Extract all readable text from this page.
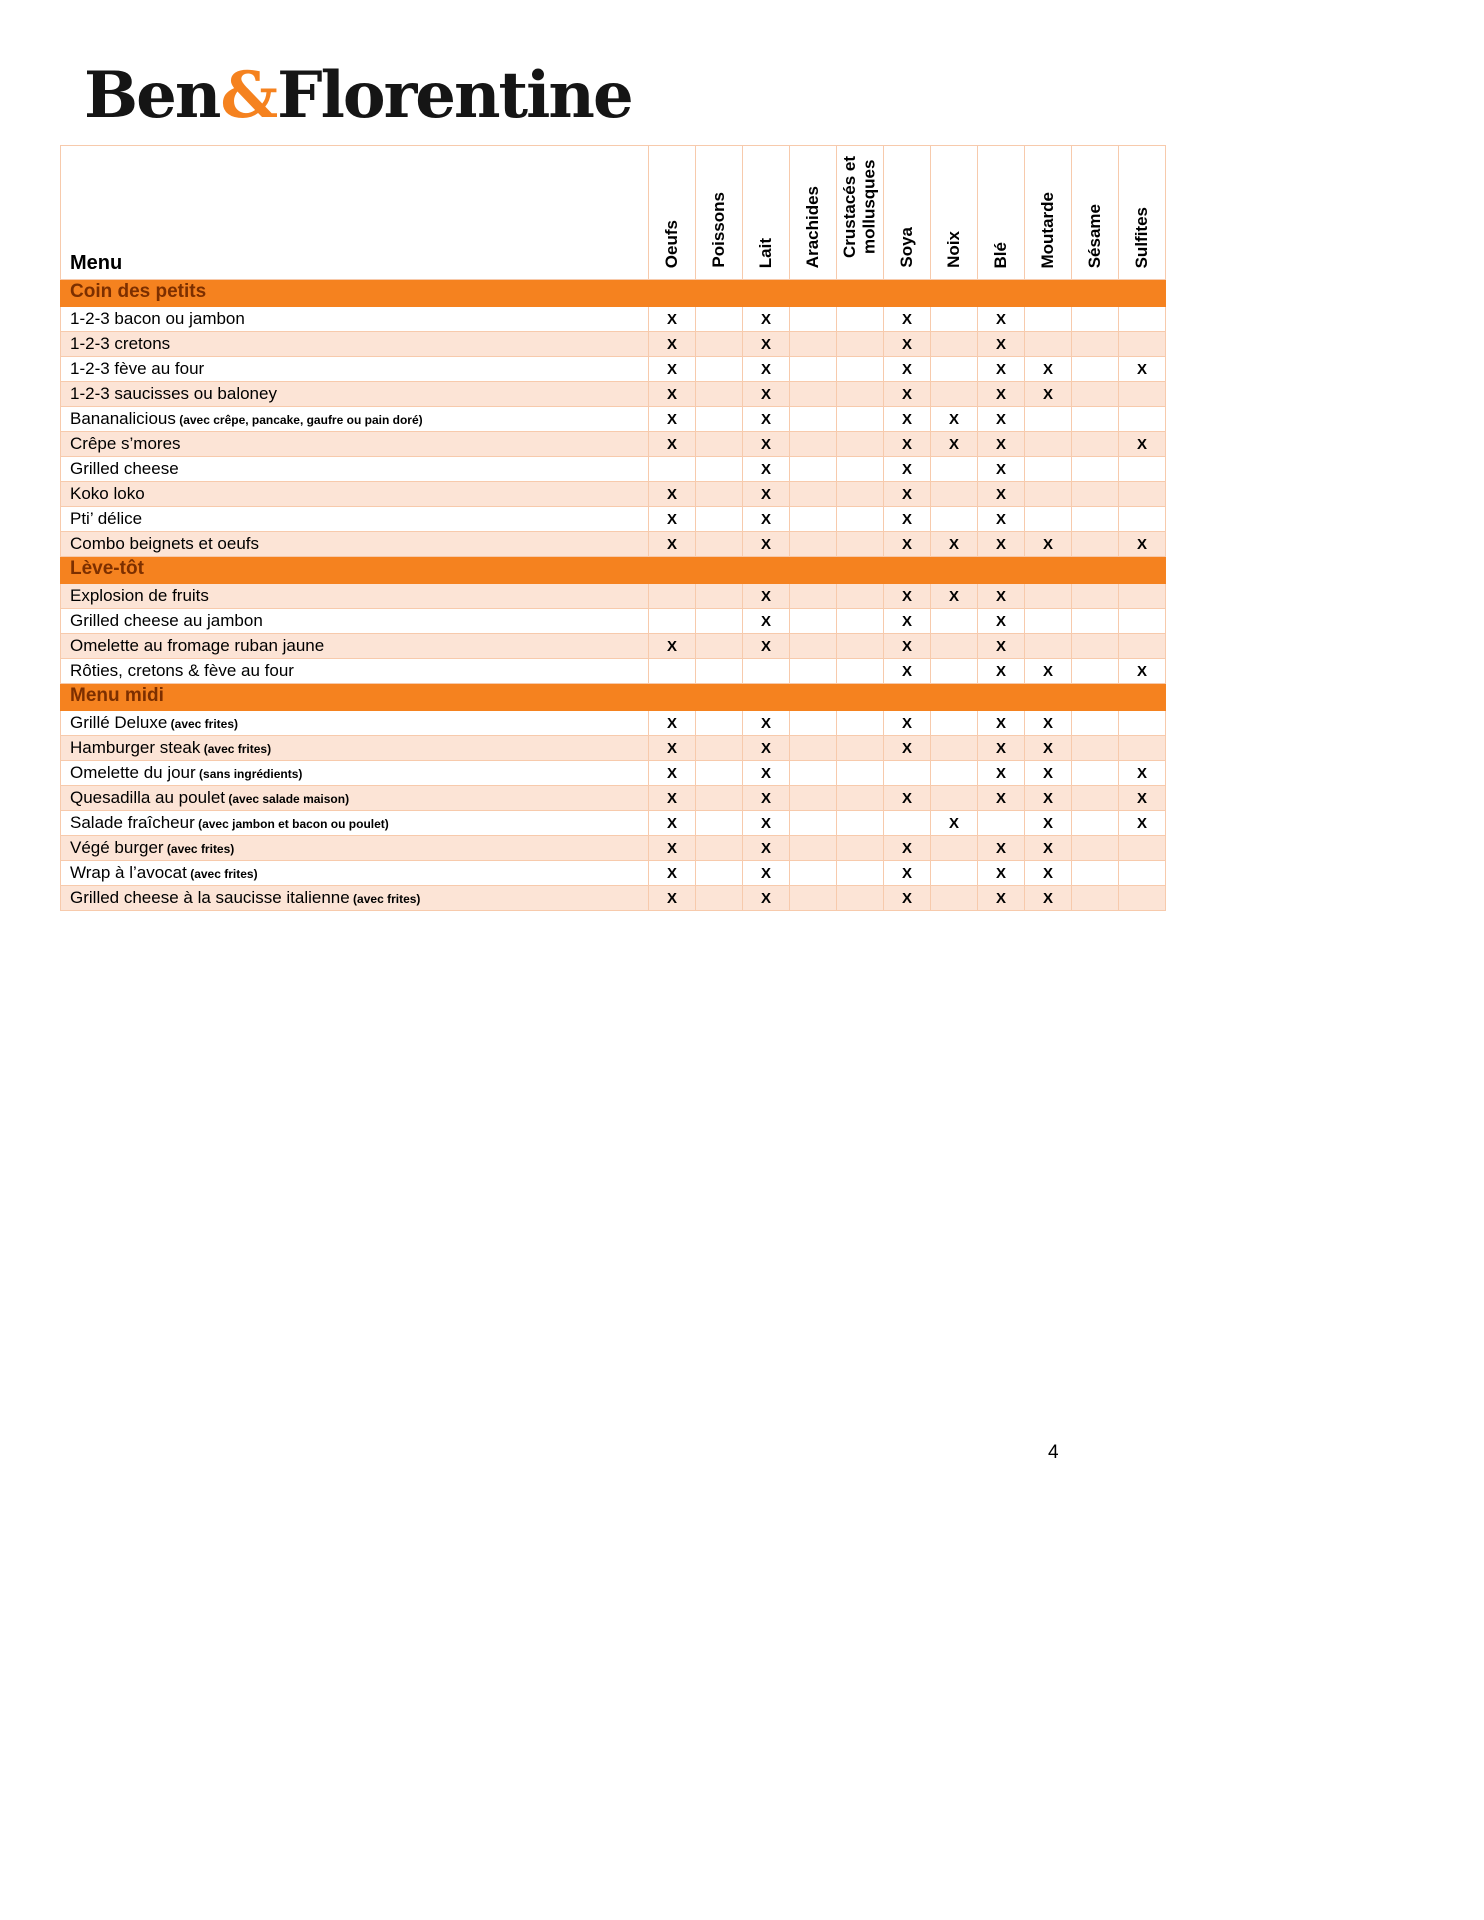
Ben&Florentine
Menu	Oeufs	Poissons	Lait	Arachides	Crustacés et mollusques	Soya	Noix	Blé	Moutarde	Sésame	Sulfites
Coin des petits											
1-2-3 bacon ou jambon	X		X			X		X			
1-2-3 cretons	X		X			X		X			
1-2-3 fève au four	X		X			X		X	X		X
1-2-3 saucisses ou baloney	X		X			X		X	X		
Bananalicious (avec crêpe, pancake, gaufre ou pain doré)	X		X			X	X	X			
Crêpe s’mores	X		X			X	X	X			X
Grilled cheese			X			X		X			
Koko loko	X		X			X		X			
Pti’ délice	X		X			X		X			
Combo beignets et oeufs	X		X			X	X	X	X		X
Lève-tôt											
Explosion de fruits			X			X	X	X			
Grilled cheese au jambon			X			X		X			
Omelette au fromage ruban jaune	X		X			X		X			
Rôties, cretons & fève au four						X		X	X		X
Menu midi											
Grillé Deluxe (avec frites)	X		X			X		X	X		
Hamburger steak (avec frites)	X		X			X		X	X		
Omelette du jour (sans ingrédients)	X		X					X	X		X
Quesadilla au poulet (avec salade maison)	X		X			X		X	X		X
Salade fraîcheur (avec jambon et bacon ou poulet)	X		X				X		X		X
Végé burger (avec frites)	X		X			X		X	X		
Wrap à l’avocat (avec frites)	X		X			X		X	X		
Grilled cheese à la saucisse italienne (avec frites)	X		X			X		X	X		
4
